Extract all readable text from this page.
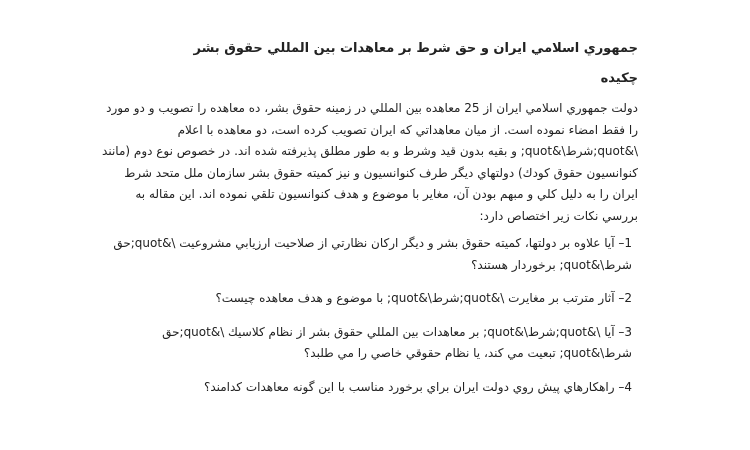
جمهوري اسلامي ايران و حق شرط بر معاهدات بين المللي حقوق بشر
چكيده

دولت جمهوري اسلامي ايران از 25 معاهده بين المللي در زمينه حقوق بشر، ده معاهده را تصويب و دو مورد را فقط امضاء نموده است. از ميان معاهداتي كه ايران تصويب كرده است، دو معاهده با اعلام \&quot;شرط\&quot; و بقيه بدون قيد وشرط و به طور مطلق پذيرفته شده اند. در خصوص نوع دوم (مانند كنوانسيون حقوق كودك) دولتهاي ديگر طرف كنوانسيون و نيز كميته حقوق بشر سازمان ملل متحد شرط ايران را به دليل كلي و مبهم بودن آن، مغاير با موضوع و هدف كنوانسيون تلقي نموده اند. اين مقاله به بررسي نكات زير اختصاص دارد:

1– آيا علاوه بر دولتها، كميته حقوق بشر و ديگر اركان نظارتي از صلاحيت ارزيابي مشروعيت \&quot;حق شرط\&quot; برخوردار هستند؟

2– آثار مترتب بر مغايرت \&quot;شرط\&quot; با موضوع و هدف معاهده چيست؟

3– آيا \&quot;شرط\&quot; بر معاهدات بين المللي حقوق بشر از نظام كلاسيك \&quot;حق شرط\&quot; تبعيت مي كند، يا نظام حقوقي خاصي را مي طلبد؟

4– راهكارهاي پيش روي دولت ايران براي برخورد مناسب با اين گونه معاهدات كدامند؟
